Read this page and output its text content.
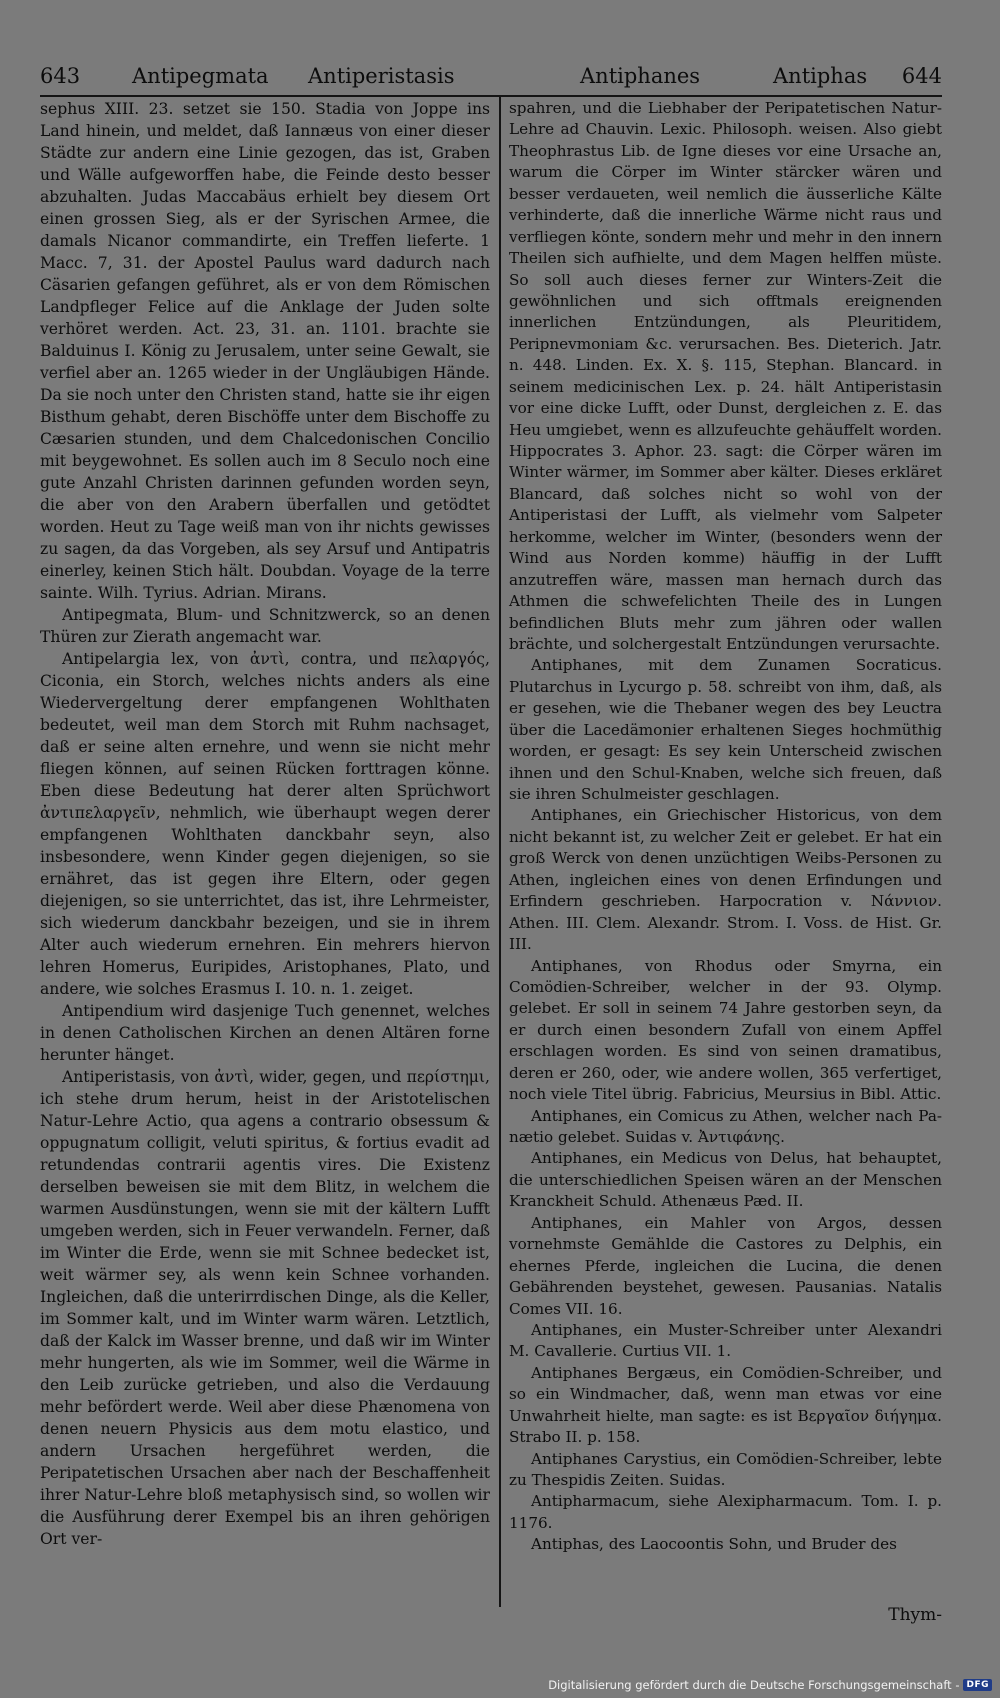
643 Antipegmata Antiperistasis	Antiphanes	Antiphas 644

sephus XIII. 23. setzet sie 150. Stadia von Joppe ins Land hinein, und meldet, daß Iannæus von einer dieser Städte zur andern eine Linie gezogen, das ist, Graben und Wälle aufgeworffen habe, die Feinde desto besser abzuhalten. Judas Maccabäus erhielt bey diesem Ort einen grossen Sieg, als er der Syrischen Armee, die damals Nicanor commandirte, ein Treffen lieferte. 1 Macc. 7, 31. der Apostel Paulus ward dadurch nach Cäsarien gefangen geführet, als er von dem Römischen Landpfleger Felice auf die Anklage der Juden solte verhöret werden. Act. 23, 31. an. 1101. brachte sie Balduinus I. König zu Jerusalem, unter seine Gewalt, sie verfiel aber an. 1265 wieder in der Ungläubigen Hände. Da sie noch unter den Christen stand, hatte sie ihr eigen Bisthum gehabt, deren Bischöffe unter dem Bischoffe zu Cæsarien stunden, und dem Chalcedonischen Concilio mit beygewohnet. Es sollen auch im 8 Seculo noch eine gute Anzahl Christen darinnen gefunden worden seyn, die aber von den Arabern überfallen und getödtet worden. Heut zu Tage weiß man von ihr nichts gewisses zu sagen, da das Vorgeben, als sey Arsuf und Antipatris einerley, keinen Stich hält. Doubdan. Voyage de la terre sainte. Wilh. Tyrius. Adrian. Mirans.

Antipegmata, Blum- und Schnitzwerck, so an denen Thüren zur Zierath angemacht war.

Antipelargia lex, von ἀντὶ, contra, und πελαργός, Ciconia, ein Storch, welches nichts anders als eine Wiedervergeltung derer empfangenen Wohlthaten bedeutet, weil man dem Storch mit Ruhm nachsaget, daß er seine alten ernehre, und wenn sie nicht mehr fliegen können, auf seinen Rücken forttragen könne. Eben diese Bedeutung hat derer alten Sprüchwort ἀντιπελαργεῖν, nehmlich, wie überhaupt wegen derer empfangenen Wohlthaten danckbahr seyn, also insbesondere, wenn Kinder gegen diejenigen, so sie ernähret, das ist gegen ihre Eltern, oder gegen diejenigen, so sie unterrichtet, das ist, ihre Lehrmeister, sich wiederum danckbahr bezeigen, und sie in ihrem Alter auch wiederum ernehren. Ein mehrers hiervon lehren Homerus, Euripides, Aristophanes, Plato, und andere, wie solches Erasmus I. 10. n. 1. zeiget.

Antipendium wird dasjenige Tuch genennet, welches in denen Catholischen Kirchen an denen Altären forne herunter hänget.

Antiperistasis, von ἀντὶ, wider, gegen, und περίστημι, ich stehe drum herum, heist in der Aristotelischen Natur-Lehre Actio, qua agens a contrario obsessum & oppugnatum colligit, veluti spiritus, & fortius evadit ad retundendas contrarii agentis vires. Die Existenz derselben beweisen sie mit dem Blitz, in welchem die warmen Ausdünstungen, wenn sie mit der kältern Lufft umgeben werden, sich in Feuer verwandeln. Ferner, daß im Winter die Erde, wenn sie mit Schnee bedecket ist, weit wärmer sey, als wenn kein Schnee vorhanden. Ingleichen, daß die unterirrdischen Dinge, als die Keller, im Sommer kalt, und im Winter warm wären. Letztlich, daß der Kalck im Wasser brenne, und daß wir im Winter mehr hungerten, als wie im Sommer, weil die Wärme in den Leib zurücke getrieben, und also die Verdauung mehr befördert werde. Weil aber diese Phænomena von denen neuern Physicis aus dem motu elastico, und andern Ursachen hergeführet werden, die Peripatetischen Ursachen aber nach der Beschaffenheit ihrer Natur-Lehre bloß metaphysisch sind, so wollen wir die Ausführung derer Exempel bis an ihren gehörigen Ort ver-

spahren, und die Liebhaber der Peripatetischen Natur-Lehre ad Chauvin. Lexic. Philosoph. weisen. Also giebt Theophrastus Lib. de Igne dieses vor eine Ursache an, warum die Cörper im Winter stärcker wären und besser verdaueten, weil nemlich die äusserliche Kälte verhinderte, daß die innerliche Wärme nicht raus und verfliegen könte, sondern mehr und mehr in den innern Theilen sich aufhielte, und dem Magen helffen müste. So soll auch dieses ferner zur Winters-Zeit die gewöhnlichen und sich offtmals ereignenden innerlichen Entzündungen, als Pleuritidem, Peripnevmoniam &c. verursachen. Bes. Dieterich. Jatr. n. 448. Linden. Ex. X. §. 115, Stephan. Blancard. in seinem medicinischen Lex. p. 24. hält Antiperistasin vor eine dicke Lufft, oder Dunst, dergleichen z. E. das Heu umgiebet, wenn es allzufeuchte gehäuffelt worden. Hippocrates 3. Aphor. 23. sagt: die Cörper wären im Winter wärmer, im Sommer aber kälter. Dieses erkläret Blancard, daß solches nicht so wohl von der Antiperistasi der Lufft, als vielmehr vom Salpeter herkomme, welcher im Winter, (besonders wenn der Wind aus Norden komme) häuffig in der Lufft anzutreffen wäre, massen man hernach durch das Athmen die schwefelichten Theile des in Lungen befindlichen Bluts mehr zum jähren oder wallen brächte, und solchergestalt Entzündungen verursachte.

Antiphanes, mit dem Zunamen Socraticus. Plutarchus in Lycurgo p. 58. schreibt von ihm, daß, als er gesehen, wie die Thebaner wegen des bey Leuctra über die Lacedämonier erhaltenen Sieges hochmüthig worden, er gesagt: Es sey kein Unterscheid zwischen ihnen und den Schul-Knaben, welche sich freuen, daß sie ihren Schulmeister geschlagen.

Antiphanes, ein Griechischer Historicus, von dem nicht bekannt ist, zu welcher Zeit er gelebet. Er hat ein groß Werck von denen unzüchtigen Weibs-Personen zu Athen, ingleichen eines von denen Erfindungen und Erfindern geschrieben. Harpocration v. Νάννιον. Athen. III. Clem. Alexandr. Strom. I. Voss. de Hist. Gr. III.

Antiphanes, von Rhodus oder Smyrna, ein Comödien-Schreiber, welcher in der 93. Olymp. gelebet. Er soll in seinem 74 Jahre gestorben seyn, da er durch einen besondern Zufall von einem Apffel erschlagen worden. Es sind von seinen dramatibus, deren er 260, oder, wie andere wollen, 365 verfertiget, noch viele Titel übrig. Fabricius, Meursius in Bibl. Attic.

Antiphanes, ein Comicus zu Athen, welcher nach Pa-nætio gelebet. Suidas v. Ἀντιφάνης.

Antiphanes, ein Medicus von Delus, hat behauptet, die unterschiedlichen Speisen wären an der Menschen Kranckheit Schuld. Athenæus Pæd. II.

Antiphanes, ein Mahler von Argos, dessen vornehmste Gemählde die Castores zu Delphis, ein ehernes Pferde, ingleichen die Lucina, die denen Gebährenden beystehet, gewesen. Pausanias. Natalis Comes VII. 16.

Antiphanes, ein Muster-Schreiber unter Alexandri M. Cavallerie. Curtius VII. 1.

Antiphanes Bergæus, ein Comödien-Schreiber, und so ein Windmacher, daß, wenn man etwas vor eine Unwahrheit hielte, man sagte: es ist Βεργαῖον διήγημα. Strabo II. p. 158.

Antiphanes Carystius, ein Comödien-Schreiber, lebte zu Thespidis Zeiten. Suidas.

Antipharmacum, siehe Alexipharmacum. Tom. I. p. 1176.

Antiphas, des Laocoontis Sohn, und Bruder des

Thym-
Digitalisierung gefördert durch die Deutsche Forschungsgemeinschaft - DFG
